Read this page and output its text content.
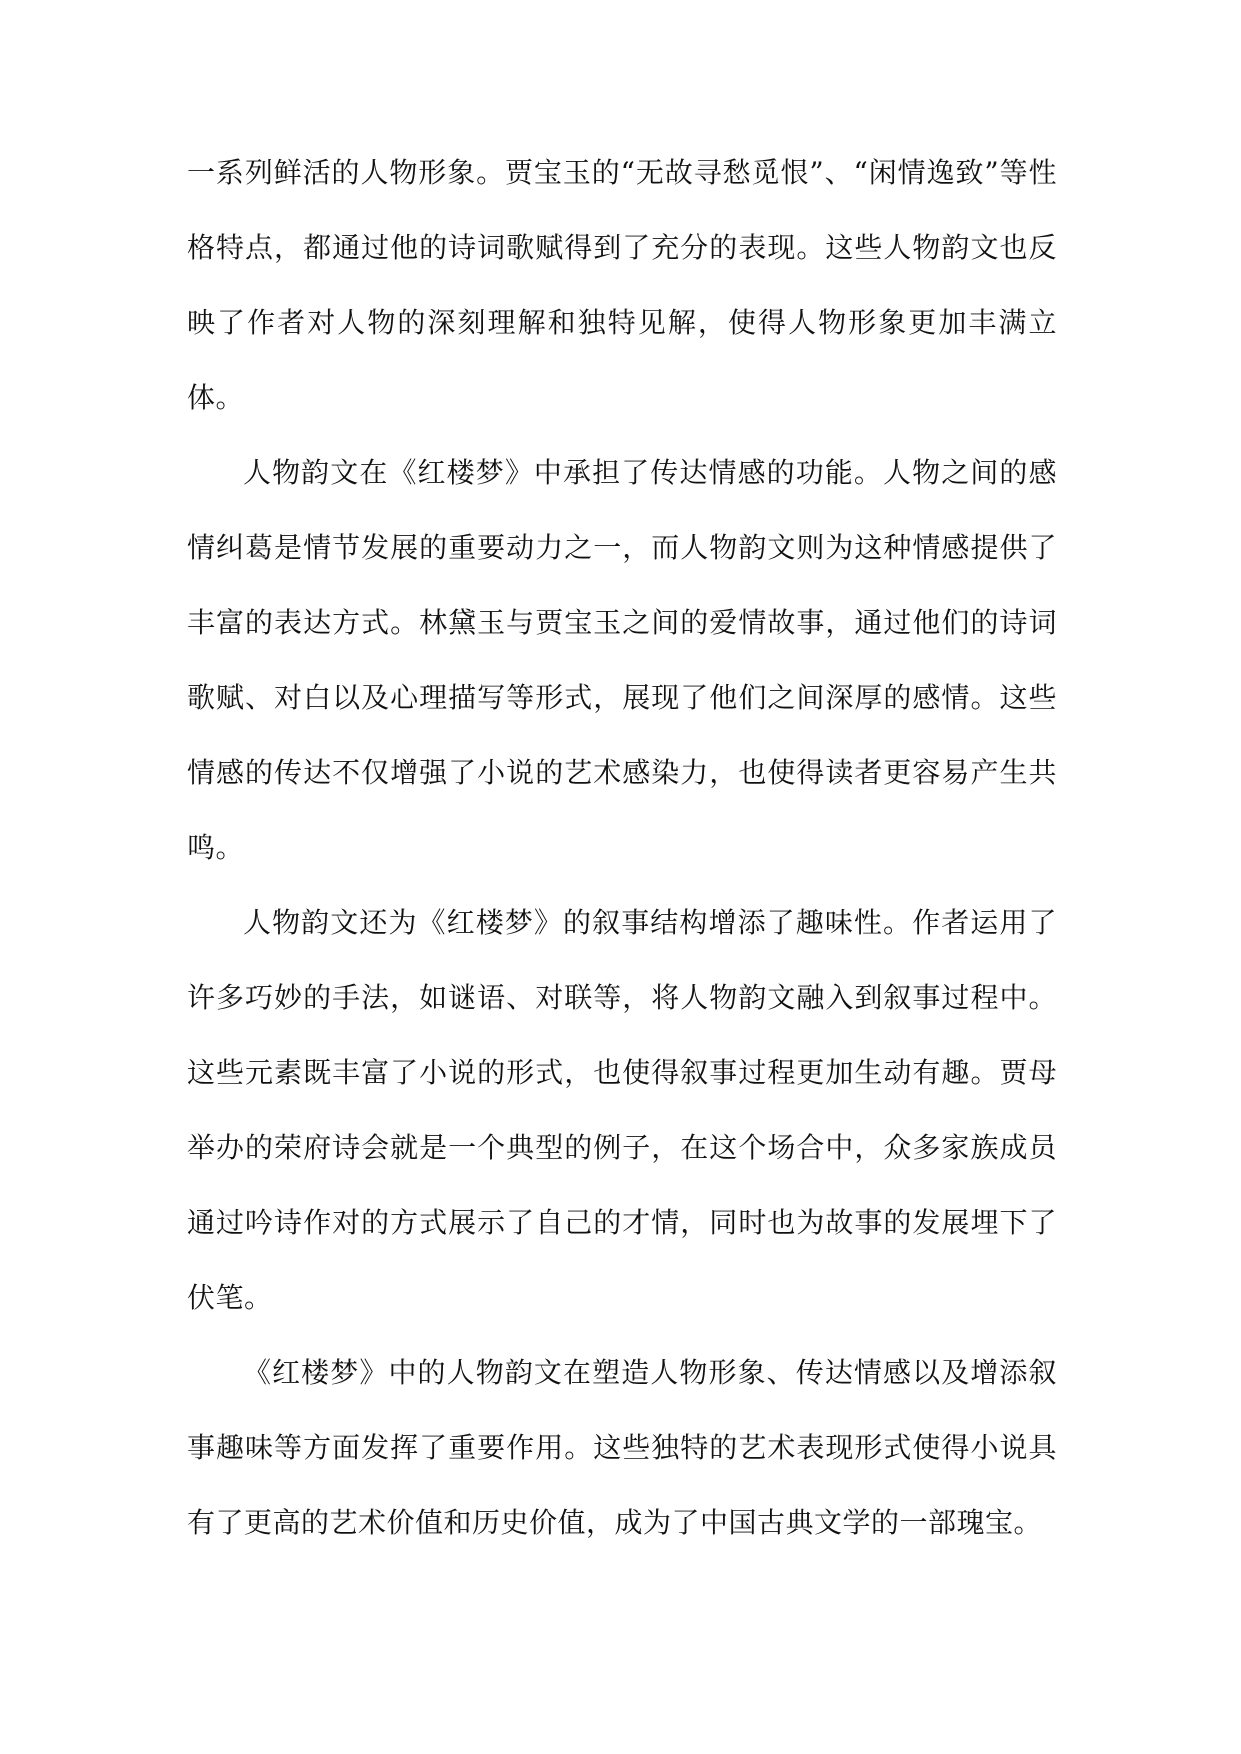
一系列鲜活的人物形象。贾宝玉的“无故寻愁觅恨”、“闲情逸致”等性格特点，都通过他的诗词歌赋得到了充分的表现。这些人物韵文也反映了作者对人物的深刻理解和独特见解，使得人物形象更加丰满立体。

人物韵文在《红楼梦》中承担了传达情感的功能。人物之间的感情纠葛是情节发展的重要动力之一，而人物韵文则为这种情感提供了丰富的表达方式。林黛玉与贾宝玉之间的爱情故事，通过他们的诗词歌赋、对白以及心理描写等形式，展现了他们之间深厚的感情。这些情感的传达不仅增强了小说的艺术感染力，也使得读者更容易产生共鸣。

人物韵文还为《红楼梦》的叙事结构增添了趣味性。作者运用了许多巧妙的手法，如谜语、对联等，将人物韵文融入到叙事过程中。这些元素既丰富了小说的形式，也使得叙事过程更加生动有趣。贾母举办的荣府诗会就是一个典型的例子，在这个场合中，众多家族成员通过吟诗作对的方式展示了自己的才情，同时也为故事的发展埋下了伏笔。

《红楼梦》中的人物韵文在塑造人物形象、传达情感以及增添叙事趣味等方面发挥了重要作用。这些独特的艺术表现形式使得小说具有了更高的艺术价值和历史价值，成为了中国古典文学的一部瑰宝。
